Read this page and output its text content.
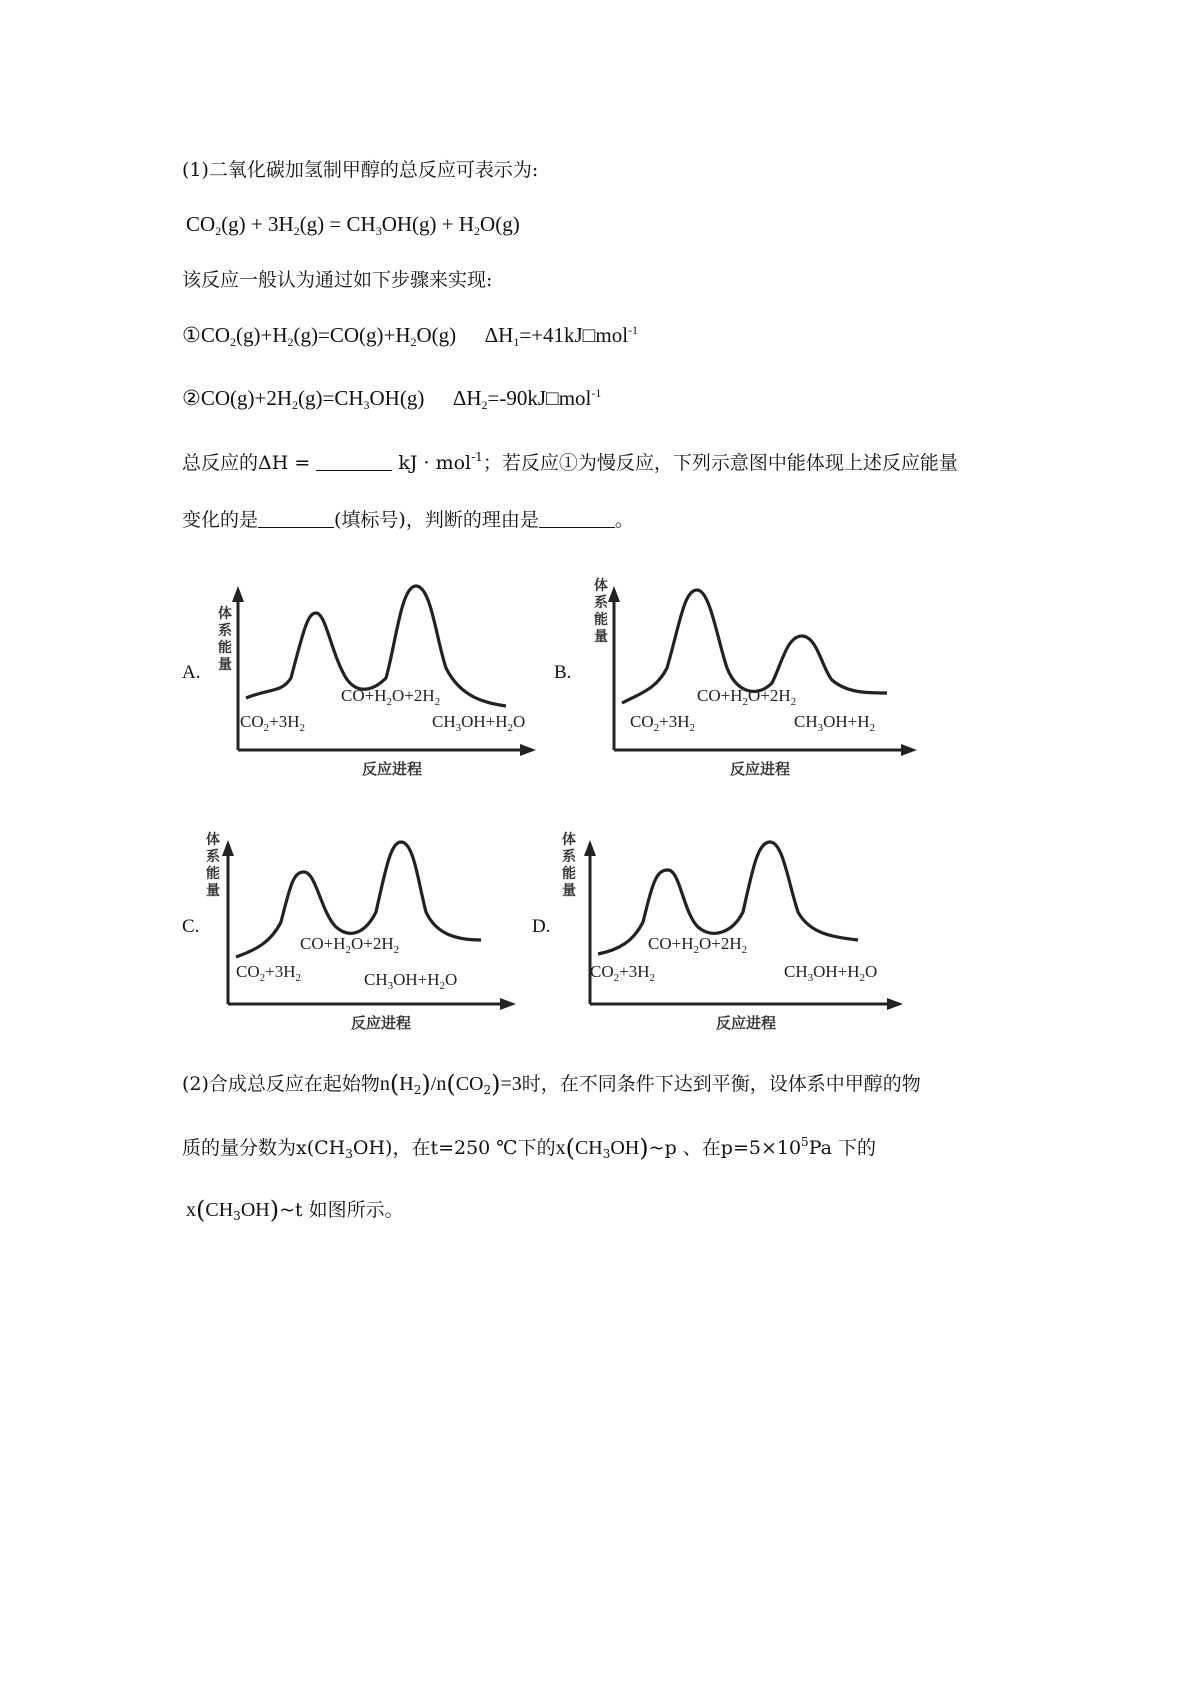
(1)二氧化碳加氢制甲醇的总反应可表示为:
$CO_2(g) + 3H_2(g) = CH_3OH(g) + H_2O(g)$
该反应一般认为通过如下步骤来实现:
$①CO_2(g)+H_2(g)=CO(g)+H_2O(g)$ $\Delta H_1=+41kJ□mol^{-1}$
$②CO(g)+2H_2(g)=CH_3OH(g)$ $\Delta H_2=-90kJ□mol^{-1}$
总反应的ΔH =	kJ · mol$^{-1}$；若反应①为慢反应，下列示意图中能体现上述反应能量
变化的是	(填标号)，判断的理由是	。
A.
体系能量
$CO+H_2O+2H_2$
$CO_2+3H_2$	$CH_3OH+H_2O$
反应进程
B.
体系能量
$CO+H_2O+2H_2$
$CO_2+3H_2$	$CH_3OH+H_2$
反应进程
C.
体系能量
$CO+H_2O+2H_2$
$CO_2+3H_2$	$CH_3OH+H_2O$
反应进程
D.
体系能量
$CO+H_2O+2H_2$
$CO_2+3H_2$	$CH_3OH+H_2O$
反应进程
(2)合成总反应在起始物$n(H_2)/n(CO_2)=3$时，在不同条件下达到平衡，设体系中甲醇的物
质的量分数为$x(CH_3OH)$，在t=250 ℃下的$x(CH_3OH)\sim p$ 、在$p=5\times 10^5Pa$ 下的
$x(CH_3OH)\sim t$ 如图所示。
